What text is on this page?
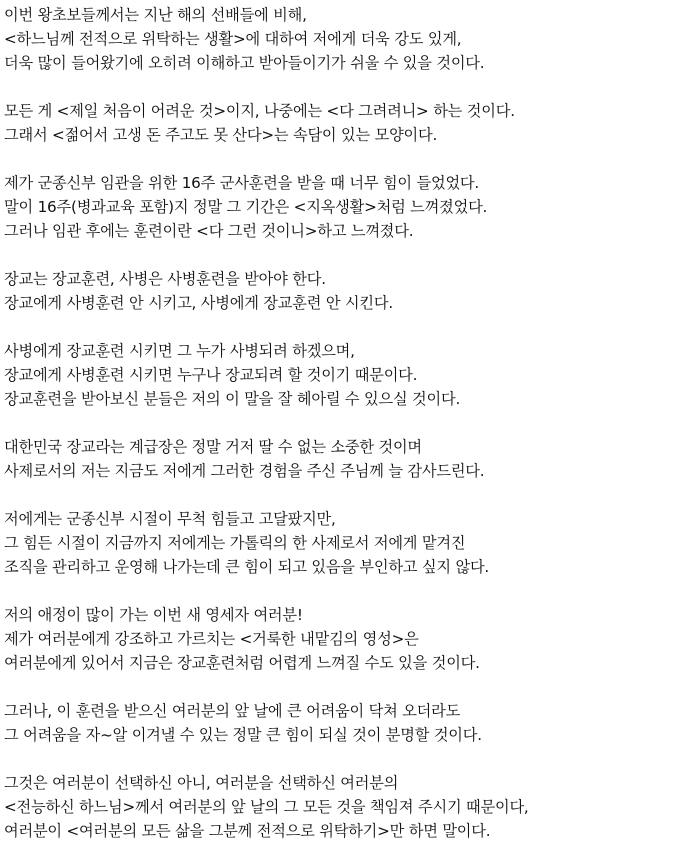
이번 왕초보들께서는 지난 해의 선배들에 비해,
<하느님께 전적으로 위탁하는 생활>에 대하여 저에게 더욱 강도 있게,
더욱 많이 들어왔기에 오히려 이해하고 받아들이기가 쉬울 수 있을 것이다.
모든 게 <제일 처음이 어려운 것>이지, 나중에는 <다 그려려니> 하는 것이다.
그래서 <젊어서 고생 돈 주고도 못 산다>는 속담이 있는 모양이다.
제가 군종신부 임관을 위한 16주 군사훈련을 받을 때 너무 힘이 들었었다.
말이 16주(병과교육 포함)지 정말 그 기간은 <지옥생활>처럼 느껴졌었다.
그러나 임관 후에는 훈련이란 <다 그런 것이니>하고 느껴졌다.
장교는 장교훈련, 사병은 사병훈련을 받아야 한다.
장교에게 사병훈련 안 시키고, 사병에게 장교훈련 안 시킨다.
사병에게 장교훈련 시키면 그 누가 사병되려 하겠으며,
장교에게 사병훈련 시키면 누구나 장교되려 할 것이기 때문이다.
장교훈련을 받아보신 분들은 저의 이 말을 잘 헤아릴 수 있으실 것이다.
대한민국 장교라는 계급장은 정말 거저 딸 수 없는 소중한 것이며
사제로서의 저는 지금도 저에게 그러한 경험을 주신 주님께 늘 감사드린다.
저에게는 군종신부 시절이 무척 힘들고 고달팠지만,
그 힘든 시절이 지금까지 저에게는 가톨릭의 한 사제로서 저에게 맡겨진
조직을 관리하고 운영해 나가는데 큰 힘이 되고 있음을 부인하고 싶지 않다.
저의 애정이 많이 가는 이번 새 영세자 여러분!
제가 여러분에게 강조하고 가르치는 <거룩한 내맡김의 영성>은
여러분에게 있어서 지금은 장교훈련처럼 어렵게 느껴질 수도 있을 것이다.
그러나, 이 훈련을 받으신 여러분의 앞 날에 큰 어려움이 닥쳐 오더라도
그 어려움을 자~알 이겨낼 수 있는 정말 큰 힘이 되실 것이 분명할 것이다.
그것은 여러분이 선택하신 아니, 여러분을 선택하신 여러분의
<전능하신 하느님>께서 여러분의 앞 날의 그 모든 것을 책임져 주시기 때문이다,
여러분이 <여러분의 모든 삶을 그분께 전적으로 위탁하기>만 하면 말이다.
